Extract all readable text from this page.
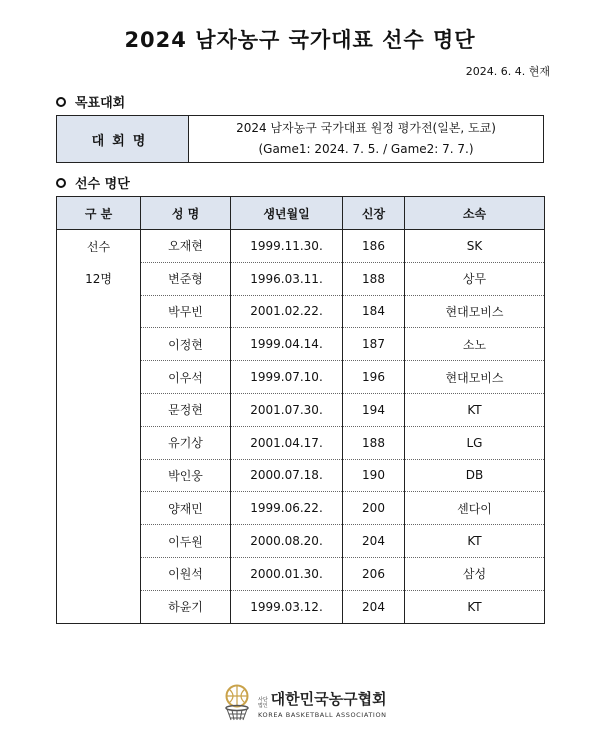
2024 남자농구 국가대표 선수 명단
2024. 6. 4. 현재
목표대회
대회명
2024 남자농구 국가대표 원정 평가전(일본, 도쿄)
(Game1: 2024. 7. 5. / Game2: 7. 7.)
선수 명단
구 분	성 명	생년월일	신장	소속

선수
12명	오재현	1999.11.30.	186	SK
	변준형	1996.03.11.	188	상무
	박무빈	2001.02.22.	184	현대모비스
	이정현	1999.04.14.	187	소노
	이우석	1999.07.10.	196	현대모비스
	문정현	2001.07.30.	194	KT
	유기상	2001.04.17.	188	LG
	박인웅	2000.07.18.	190	DB
	양재민	1999.06.22.	200	센다이
	이두원	2000.08.20.	204	KT
	이원석	2000.01.30.	206	삼성
	하윤기	1999.03.12.	204	KT
사단
법인 대한민국농구협회
KOREA BASKETBALL ASSOCIATION
